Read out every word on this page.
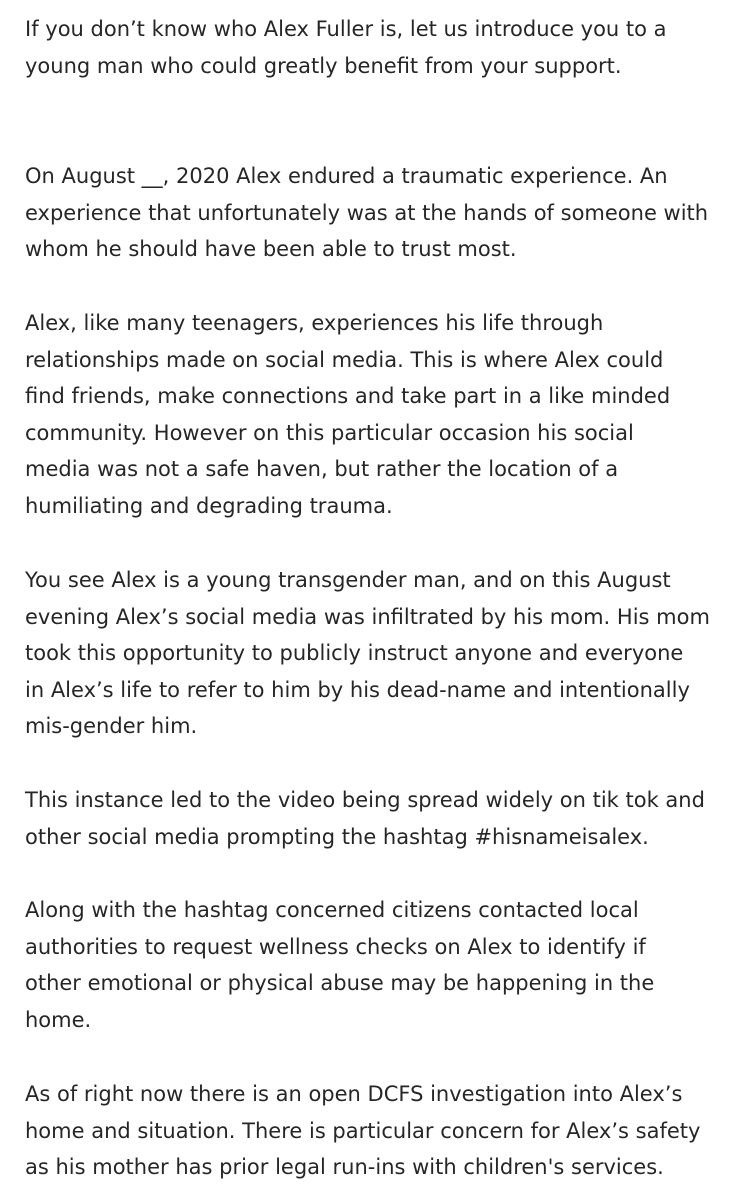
If you don’t know who Alex Fuller is, let us introduce you to a
young man who could greatly benefit from your support.

On August __, 2020 Alex endured a traumatic experience. An
experience that unfortunately was at the hands of someone with
whom he should have been able to trust most.

Alex, like many teenagers, experiences his life through
relationships made on social media. This is where Alex could
find friends, make connections and take part in a like minded
community. However on this particular occasion his social
media was not a safe haven, but rather the location of a
humiliating and degrading trauma.

You see Alex is a young transgender man, and on this August
evening Alex’s social media was infiltrated by his mom. His mom
took this opportunity to publicly instruct anyone and everyone
in Alex’s life to refer to him by his dead-name and intentionally
mis-gender him.

This instance led to the video being spread widely on tik tok and
other social media prompting the hashtag #hisnameisalex.

Along with the hashtag concerned citizens contacted local
authorities to request wellness checks on Alex to identify if
other emotional or physical abuse may be happening in the
home.

As of right now there is an open DCFS investigation into Alex’s
home and situation. There is particular concern for Alex’s safety
as his mother has prior legal run-ins with children's services.
